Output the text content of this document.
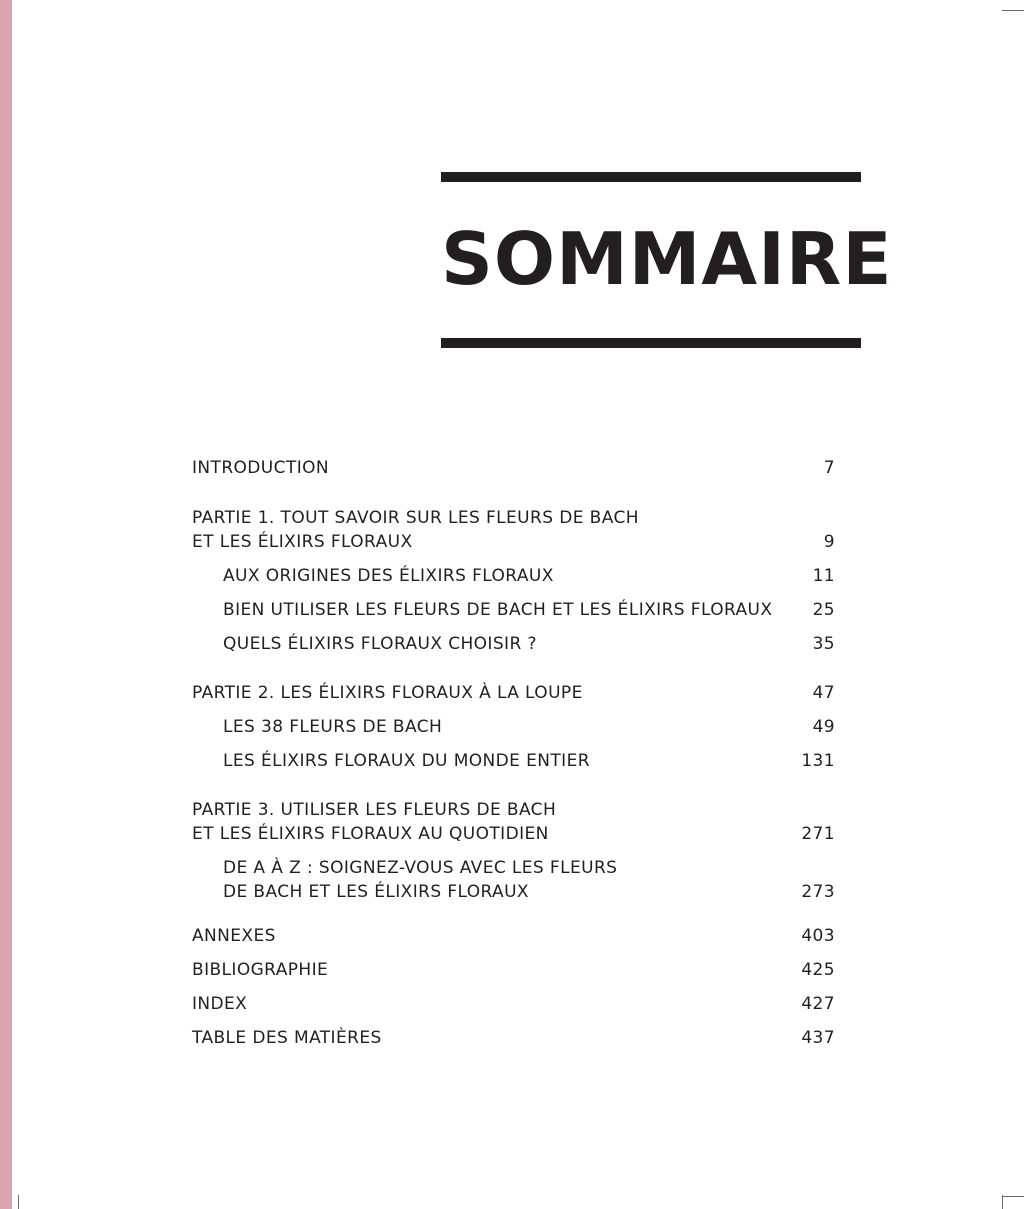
SOMMAIRE
INTRODUCTION	7
PARTIE 1. TOUT SAVOIR SUR LES FLEURS DE BACH
ET LES ÉLIXIRS FLORAUX	9
AUX ORIGINES DES ÉLIXIRS FLORAUX	11
BIEN UTILISER LES FLEURS DE BACH ET LES ÉLIXIRS FLORAUX	25
QUELS ÉLIXIRS FLORAUX CHOISIR ?	35
PARTIE 2. LES ÉLIXIRS FLORAUX À LA LOUPE	47
LES 38 FLEURS DE BACH	49
LES ÉLIXIRS FLORAUX DU MONDE ENTIER	131
PARTIE 3. UTILISER LES FLEURS DE BACH
ET LES ÉLIXIRS FLORAUX AU QUOTIDIEN	271
DE A À Z : SOIGNEZ-VOUS AVEC LES FLEURS
DE BACH ET LES ÉLIXIRS FLORAUX	273
ANNEXES	403
BIBLIOGRAPHIE	425
INDEX	427
TABLE DES MATIÈRES	437
